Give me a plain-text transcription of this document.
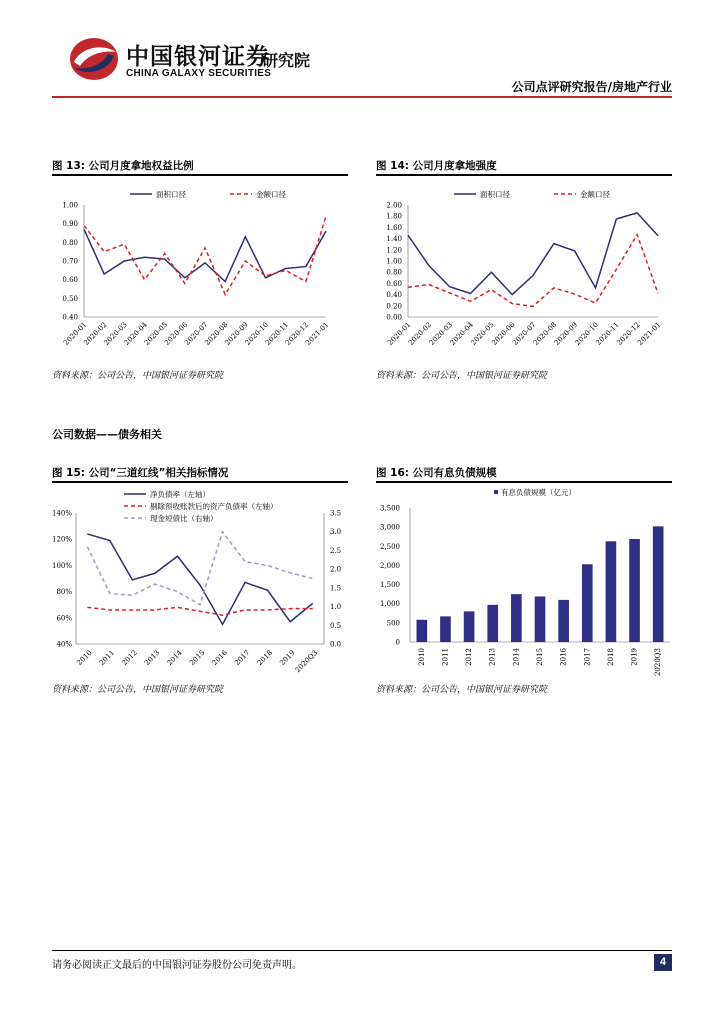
中国银河证券
CHINA GALAXY SECURITIES
研究院
公司点评研究报告/房地产行业
图 13: 公司月度拿地权益比例
1.00
0.90
0.80
0.70
0.60
0.50
0.40
2020-01
2020-02
2020-03
2020-04
2020-05
2020-06
2020-07
2020-08
2020-09
2020-10
2020-11
2020-12
2021-01
面积口径	金额口径
资料来源：公司公告，中国银河证券研究院
图 14: 公司月度拿地强度
2.00
1.80
1.60
1.40
1.20
1.00
0.80
0.60
0.40
0.20
0.00
2020-01
2020-02
2020-03
2020-04
2020-05
2020-06
2020-07
2020-08
2020-09
2020-10
2020-11
2020-12
2021-01
面积口径	金额口径
资料来源：公司公告，中国银河证券研究院
公司数据——债务相关
图 15: 公司“三道红线”相关指标情况
140%
120%
100%
80%
60%
40%
3.5
3.0
2.5
2.0
1.5
1.0
0.5
0.0
2010 2011 2012 2013 2014 2015 2016 2017 2018 2019
2020Q3
净负债率（左轴）
剔除预收账款后的资产负债率（左轴）
现金短债比（右轴）
资料来源：公司公告，中国银河证券研究院
图 16: 公司有息负债规模
3,500
3,000
2,500
2,000
1,500
1,000
500
0
2010 2011 2012 2013 2014 2015 2016 2017 2018 2019 2020Q3
有息负债规模（亿元）
资料来源：公司公告，中国银河证券研究院
请务必阅读正文最后的中国银河证券股份公司免责声明。	4
